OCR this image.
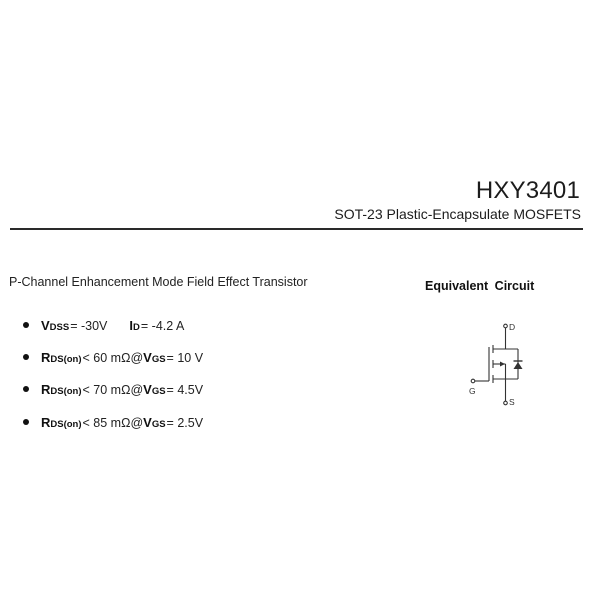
HXY3401
SOT-23 Plastic-Encapsulate MOSFETS
P-Channel Enhancement Mode Field Effect Transistor
V DSS = -30V I D = -4.2 A
R DS(on) < 60 mΩ@ V GS = 10 V
R DS(on) < 70 mΩ@ V GS = 4.5V
R DS(on) < 85 mΩ@ V GS = 2.5V
Equivalent Circuit
D
G
S
